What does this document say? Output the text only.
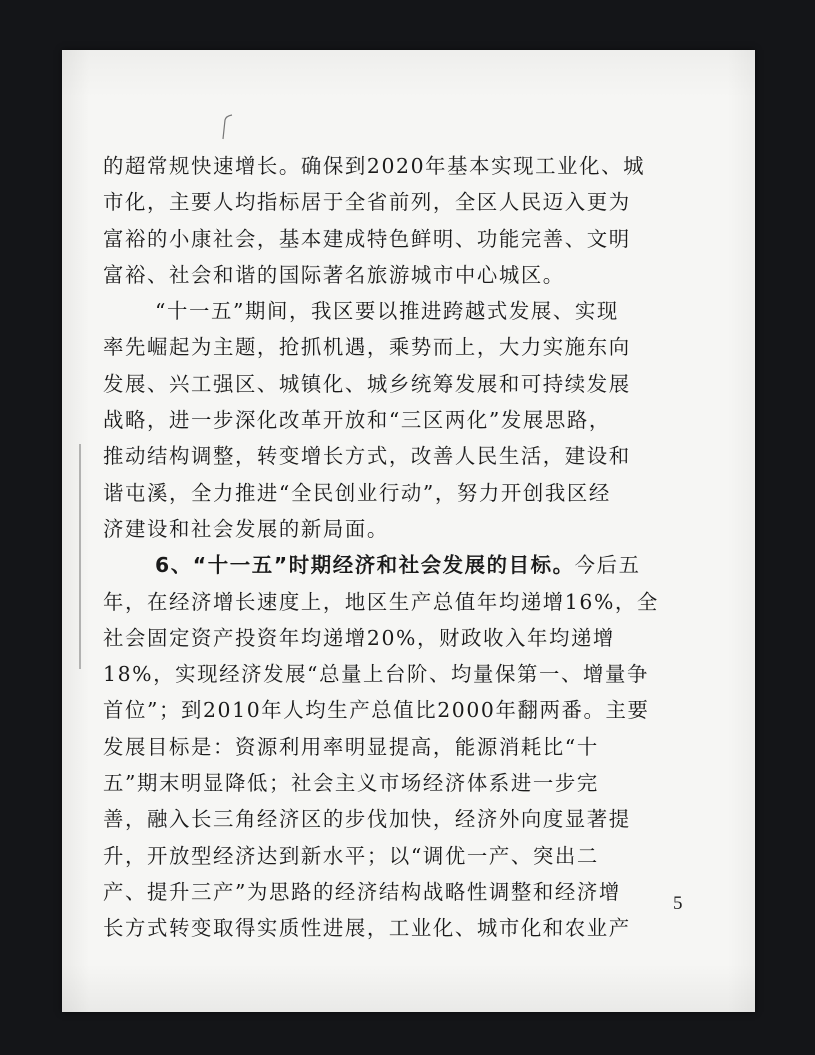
的超常规快速增长。确保到2020年基本实现工业化、城
市化，主要人均指标居于全省前列，全区人民迈入更为
富裕的小康社会，基本建成特色鲜明、功能完善、文明
富裕、社会和谐的国际著名旅游城市中心城区。
“十一五”期间，我区要以推进跨越式发展、实现
率先崛起为主题，抢抓机遇，乘势而上，大力实施东向
发展、兴工强区、城镇化、城乡统筹发展和可持续发展
战略，进一步深化改革开放和“三区两化”发展思路，
推动结构调整，转变增长方式，改善人民生活，建设和
谐屯溪，全力推进“全民创业行动”，努力开创我区经
济建设和社会发展的新局面。
6、“十一五”时期经济和社会发展的目标。今后五
年，在经济增长速度上，地区生产总值年均递增16%，全
社会固定资产投资年均递增20%，财政收入年均递增
18%，实现经济发展“总量上台阶、均量保第一、增量争
首位”；到2010年人均生产总值比2000年翻两番。主要
发展目标是：资源利用率明显提高，能源消耗比“十
五”期末明显降低；社会主义市场经济体系进一步完
善，融入长三角经济区的步伐加快，经济外向度显著提
升，开放型经济达到新水平；以“调优一产、突出二
产、提升三产”为思路的经济结构战略性调整和经济增
长方式转变取得实质性进展，工业化、城市化和农业产
5
